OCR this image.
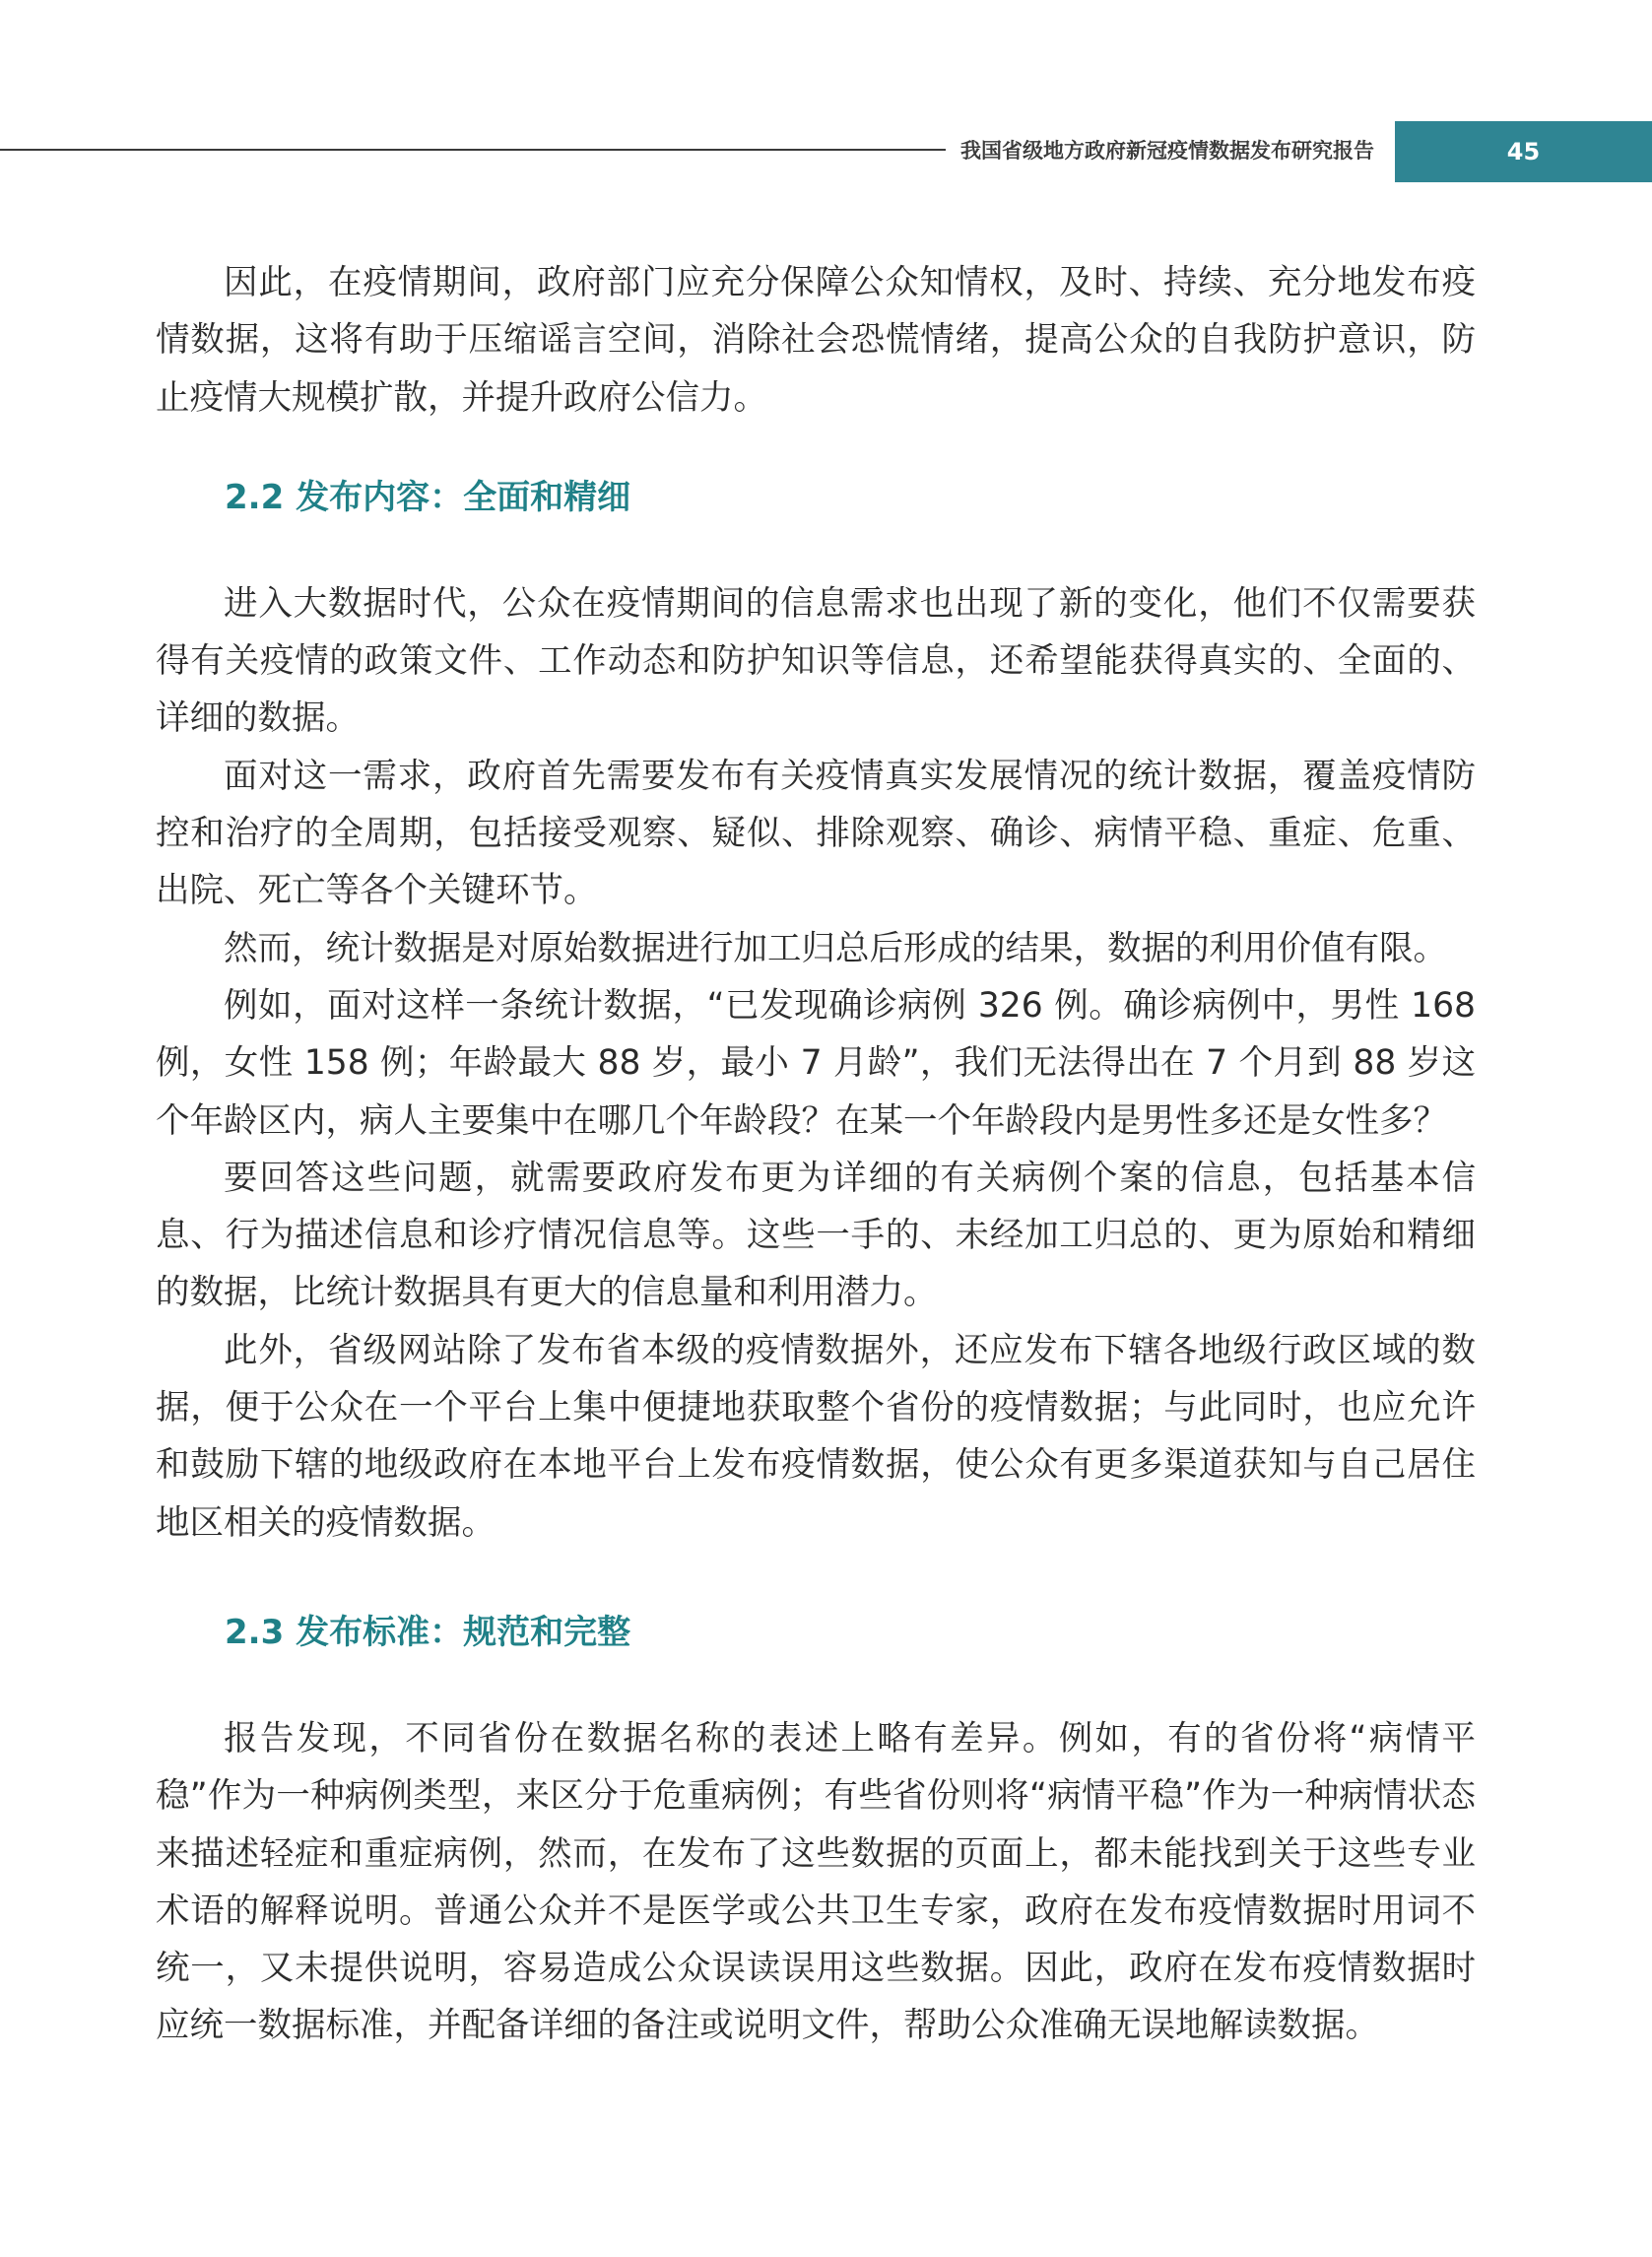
我国省级地方政府新冠疫情数据发布研究报告	45

因此，在疫情期间，政府部门应充分保障公众知情权，及时、持续、充分地发布疫情数据，这将有助于压缩谣言空间，消除社会恐慌情绪，提高公众的自我防护意识，防止疫情大规模扩散，并提升政府公信力。

2.2 发布内容：全面和精细

进入大数据时代，公众在疫情期间的信息需求也出现了新的变化，他们不仅需要获得有关疫情的政策文件、工作动态和防护知识等信息，还希望能获得真实的、全面的、详细的数据。

面对这一需求，政府首先需要发布有关疫情真实发展情况的统计数据，覆盖疫情防控和治疗的全周期，包括接受观察、疑似、排除观察、确诊、病情平稳、重症、危重、出院、死亡等各个关键环节。

然而，统计数据是对原始数据进行加工归总后形成的结果，数据的利用价值有限。

例如，面对这样一条统计数据，“已发现确诊病例 326 例。确诊病例中，男性 168 例，女性 158 例；年龄最大 88 岁，最小 7 月龄”，我们无法得出在 7 个月到 88 岁这个年龄区内，病人主要集中在哪几个年龄段？在某一个年龄段内是男性多还是女性多？

要回答这些问题，就需要政府发布更为详细的有关病例个案的信息，包括基本信息、行为描述信息和诊疗情况信息等。这些一手的、未经加工归总的、更为原始和精细的数据，比统计数据具有更大的信息量和利用潜力。

此外，省级网站除了发布省本级的疫情数据外，还应发布下辖各地级行政区域的数据，便于公众在一个平台上集中便捷地获取整个省份的疫情数据；与此同时，也应允许和鼓励下辖的地级政府在本地平台上发布疫情数据，使公众有更多渠道获知与自己居住地区相关的疫情数据。

2.3 发布标准：规范和完整

报告发现，不同省份在数据名称的表述上略有差异。例如，有的省份将“病情平稳”作为一种病例类型，来区分于危重病例；有些省份则将“病情平稳”作为一种病情状态来描述轻症和重症病例，然而，在发布了这些数据的页面上，都未能找到关于这些专业术语的解释说明。普通公众并不是医学或公共卫生专家，政府在发布疫情数据时用词不统一，又未提供说明，容易造成公众误读误用这些数据。因此，政府在发布疫情数据时应统一数据标准，并配备详细的备注或说明文件，帮助公众准确无误地解读数据。
